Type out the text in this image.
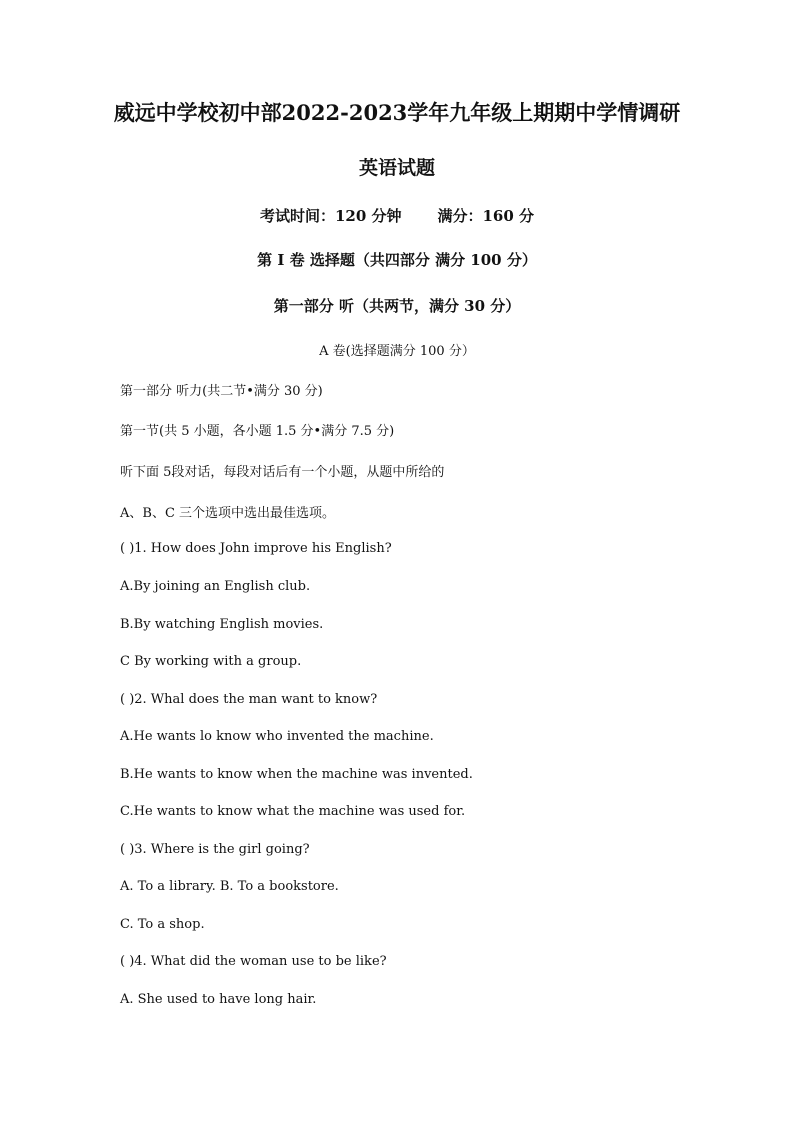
威远中学校初中部2022-2023学年九年级上期期中学情调研
英语试题
考试时间：120 分钟 满分：160 分
第 I 卷 选择题（共四部分 满分 100 分）
第一部分 听（共两节，满分 30 分）
A 卷(选择题满分 100 分）
第一部分 听力(共二节•满分 30 分)
第一节(共 5 小题，各小题 1.5 分•满分 7.5 分)
听下面 5段对话，每段对话后有一个小题，从题中所给的
A、B、C 三个选项中选出最佳选项。
( )1. How does John improve his English?
A.By joining an English club.
B.By watching English movies.
C By working with a group.
( )2. Whal does the man want to know?
A.He wants lo know who invented the machine.
B.He wants to know when the machine was invented.
C.He wants to know what the machine was used for.
( )3. Where is the girl going?
A. To a library. B. To a bookstore.
C. To a shop.
( )4. What did the woman use to be like?
A. She used to have long hair.
